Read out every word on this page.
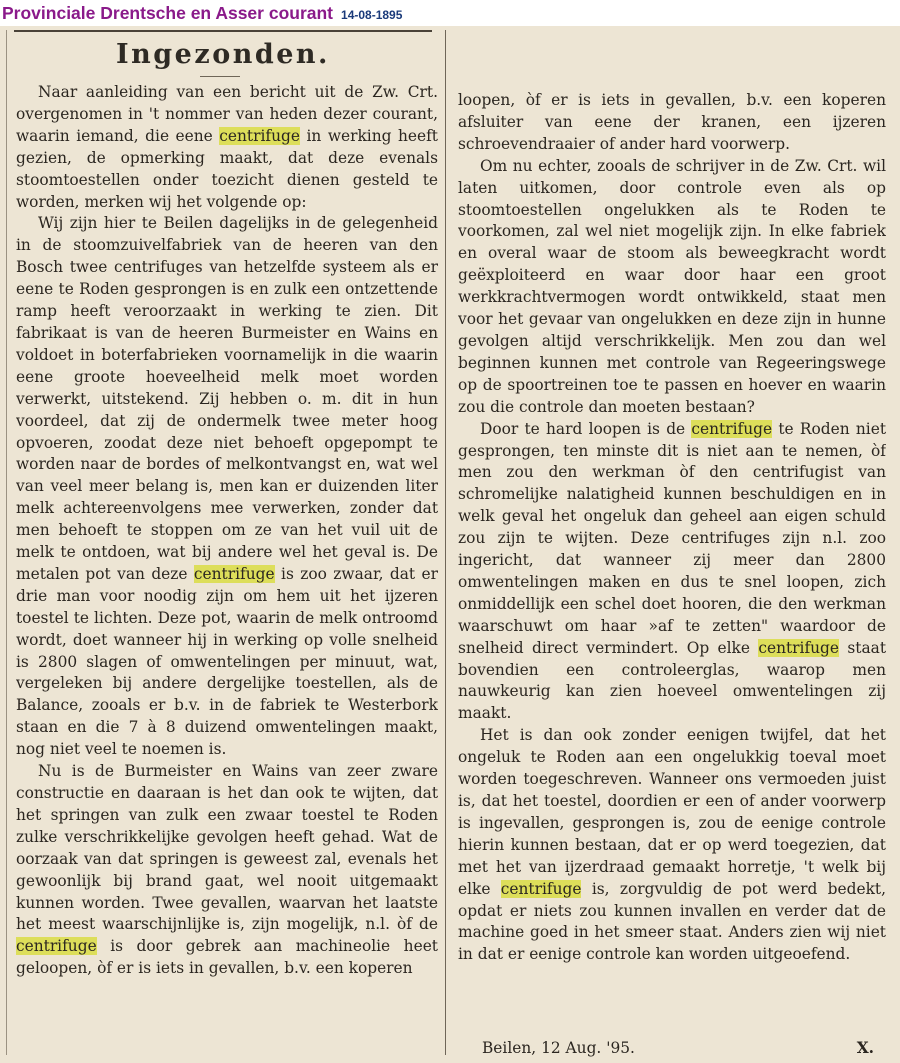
Provinciale Drentsche en Asser courant 14-08-1895
Ingezonden.

Naar aanleiding van een bericht uit de Zw. Crt. overgenomen in 't nommer van heden dezer courant, waarin iemand, die eene centrifuge in werking heeft gezien, de opmerking maakt, dat deze evenals stoomtoestellen onder toezicht dienen gesteld te worden, merken wij het volgende op:

Wij zijn hier te Beilen dagelijks in de gelegenheid in de stoomzuivelfabriek van de heeren van den Bosch twee centrifuges van hetzelfde systeem als er eene te Roden gesprongen is en zulk een ontzettende ramp heeft veroorzaakt in werking te zien. Dit fabrikaat is van de heeren Burmeister en Wains en voldoet in boterfabrieken voornamelijk in die waarin eene groote hoeveelheid melk moet worden verwerkt, uitstekend. Zij hebben o. m. dit in hun voordeel, dat zij de ondermelk twee meter hoog opvoeren, zoodat deze niet behoeft opgepompt te worden naar de bordes of melkontvangst en, wat wel van veel meer belang is, men kan er duizenden liter melk achtereenvolgens mee verwerken, zonder dat men behoeft te stoppen om ze van het vuil uit de melk te ontdoen, wat bij andere wel het geval is. De metalen pot van deze centrifuge is zoo zwaar, dat er drie man voor noodig zijn om hem uit het ijzeren toestel te lichten. Deze pot, waarin de melk ontroomd wordt, doet wanneer hij in werking op volle snelheid is 2800 slagen of omwentelingen per minuut, wat, vergeleken bij andere dergelijke toestellen, als de Balance, zooals er b.v. in de fabriek te Westerbork staan en die 7 à 8 duizend omwentelingen maakt, nog niet veel te noemen is.

Nu is de Burmeister en Wains van zeer zware constructie en daaraan is het dan ook te wijten, dat het springen van zulk een zwaar toestel te Roden zulke verschrikkelijke gevolgen heeft gehad. Wat de oorzaak van dat springen is geweest zal, evenals het gewoonlijk bij brand gaat, wel nooit uitgemaakt kunnen worden. Twee gevallen, waarvan het laatste het meest waarschijnlijke is, zijn mogelijk, n.l. òf de centrifuge is door gebrek aan machineolie heet geloopen, òf er is iets in gevallen, b.v. een koperen

loopen, òf er is iets in gevallen, b.v. een koperen afsluiter van eene der kranen, een ijzeren schroevendraaier of ander hard voorwerp.

Om nu echter, zooals de schrijver in de Zw. Crt. wil laten uitkomen, door controle even als op stoomtoestellen ongelukken als te Roden te voorkomen, zal wel niet mogelijk zijn. In elke fabriek en overal waar de stoom als beweegkracht wordt geëxploiteerd en waar door haar een groot werkkrachtvermogen wordt ontwikkeld, staat men voor het gevaar van ongelukken en deze zijn in hunne gevolgen altijd verschrikkelijk. Men zou dan wel beginnen kunnen met controle van Regeeringswege op de spoortreinen toe te passen en hoever en waarin zou die controle dan moeten bestaan?

Door te hard loopen is de centrifuge te Roden niet gesprongen, ten minste dit is niet aan te nemen, òf men zou den werkman òf den centrifugist van schromelijke nalatigheid kunnen beschuldigen en in welk geval het ongeluk dan geheel aan eigen schuld zou zijn te wijten. Deze centrifuges zijn n.l. zoo ingericht, dat wanneer zij meer dan 2800 omwentelingen maken en dus te snel loopen, zich onmiddellijk een schel doet hooren, die den werkman waarschuwt om haar »af te zetten" waardoor de snelheid direct vermindert. Op elke centrifuge staat bovendien een controleerglas, waarop men nauwkeurig kan zien hoeveel omwentelingen zij maakt.

Het is dan ook zonder eenigen twijfel, dat het ongeluk te Roden aan een ongelukkig toeval moet worden toegeschreven. Wanneer ons vermoeden juist is, dat het toestel, doordien er een of ander voorwerp is ingevallen, gesprongen is, zou de eenige controle hierin kunnen bestaan, dat er op werd toegezien, dat met het van ijzerdraad gemaakt horretje, 't welk bij elke centrifuge is, zorgvuldig de pot werd bedekt, opdat er niets zou kunnen invallen en verder dat de machine goed in het smeer staat. Anders zien wij niet in dat er eenige controle kan worden uitgeoefend.

Beilen, 12 Aug. '95.	X.
